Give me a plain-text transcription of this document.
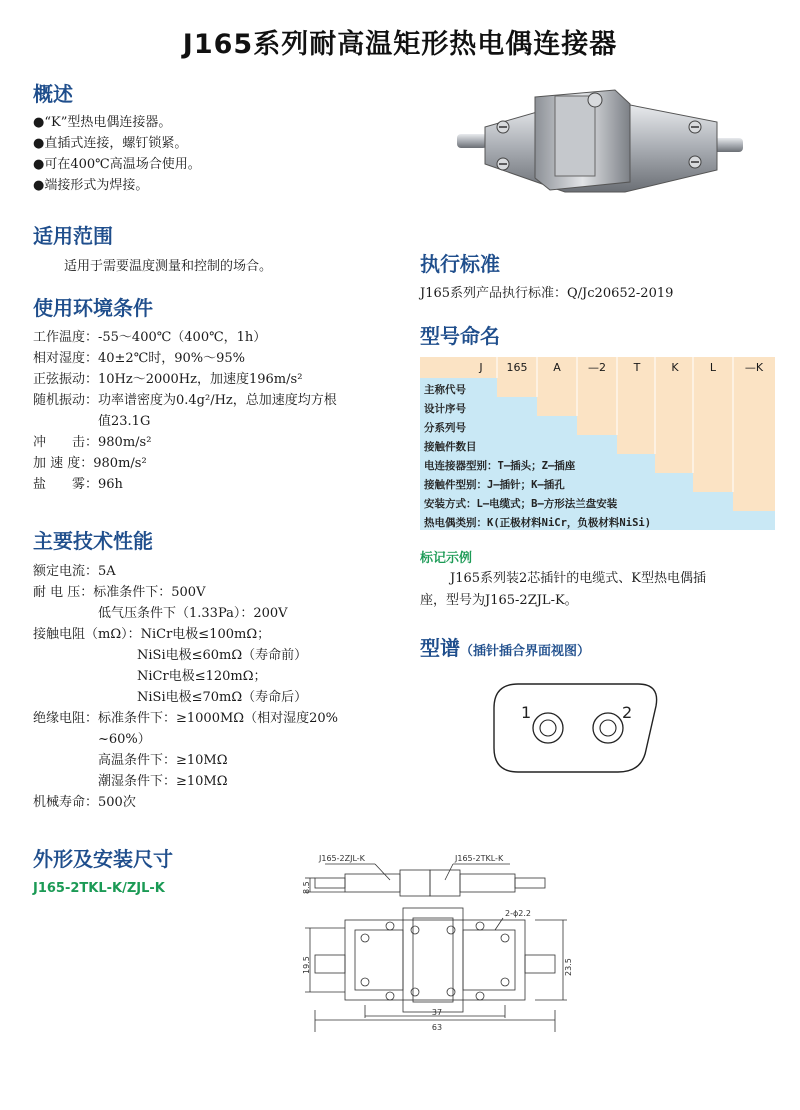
J165系列耐高温矩形热电偶连接器
概述
●“K”型热电偶连接器。
●直插式连接，螺钉锁紧。
●可在400℃高温场合使用。
●端接形式为焊接。
适用范围
适用于需要温度测量和控制的场合。
使用环境条件
工作温度：-55～400℃（400℃，1h）
相对湿度：40±2℃时，90%～95%
正弦振动：10Hz～2000Hz，加速度196m/s²
随机振动：功率谱密度为0.4g²/Hz，总加速度均方根
　　　　　值23.1G
冲　　击：980m/s²
加 速 度：980m/s²
盐　　雾：96h
主要技术性能
额定电流：5A
耐 电 压：标准条件下：500V
　　　　　低气压条件下（1.33Pa）：200V
接触电阻（mΩ）：NiCr电极≤100mΩ；
　　　　　　　　NiSi电极≤60mΩ（寿命前）
　　　　　　　　NiCr电极≤120mΩ；
　　　　　　　　NiSi电极≤70mΩ（寿命后）
绝缘电阻：标准条件下：≥1000MΩ（相对湿度20%
　　　　　~60%）
　　　　　高温条件下：≥10MΩ
　　　　　潮湿条件下：≥10MΩ
机械寿命：500次
执行标准
J165系列产品执行标准：Q/Jc20652-2019
型号命名
J	165	A	—2	T	K	L	—K
主称代号
设计序号
分系列号
接触件数目
电连接器型别：T—插头；Z—插座
接触件型别：J—插针；K—插孔
安装方式：L—电缆式；B—方形法兰盘安装
热电偶类别：K(正极材料NiCr，负极材料NiSi)
标记示例
J165系列装2芯插针的电缆式、K型热电偶插
座，型号为J165-2ZJL-K。
型谱（插针插合界面视图）
1	2
外形及安装尺寸
J165-2TKL-K/ZJL-K
J165-2ZJL-K	J165-2TKL-K
2-ϕ2.2
37
63
8.5
19.5	23.5
